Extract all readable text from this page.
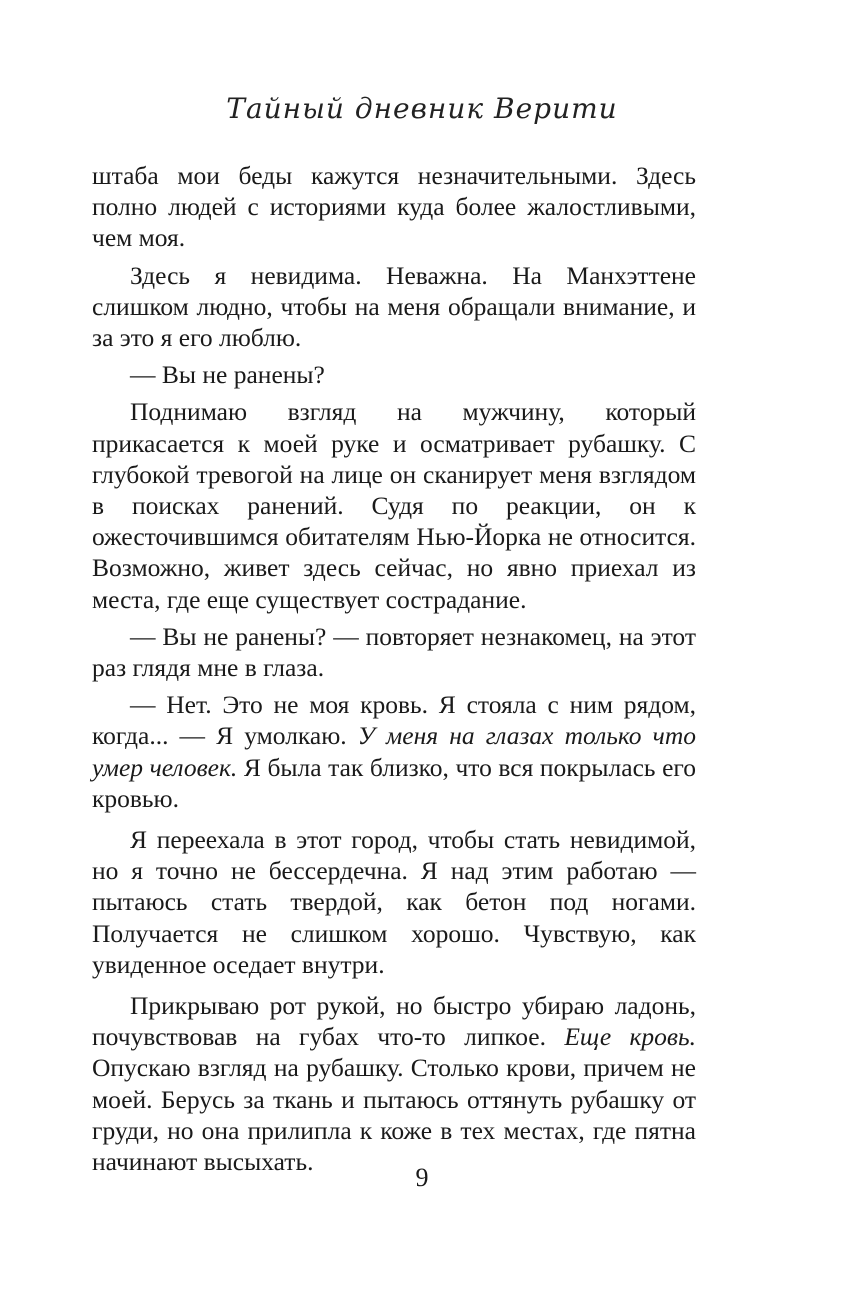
Тайный дневник Верити

штаба мои беды кажутся незначительными. Здесь полно людей с историями куда более жалостливыми, чем моя.

Здесь я невидима. Неважна. На Манхэттене слишком людно, чтобы на меня обращали внимание, и за это я его люблю.

— Вы не ранены?

Поднимаю взгляд на мужчину, который прикасается к моей руке и осматривает рубашку. С глубокой тревогой на лице он сканирует меня взглядом в поисках ранений. Судя по реакции, он к ожесточившимся обитателям Нью-Йорка не относится. Возможно, живет здесь сейчас, но явно приехал из места, где еще существует сострадание.

— Вы не ранены? — повторяет незнакомец, на этот раз глядя мне в глаза.

— Нет. Это не моя кровь. Я стояла с ним рядом, когда... — Я умолкаю. У меня на глазах только что умер человек. Я была так близко, что вся покрылась его кровью.

Я переехала в этот город, чтобы стать невидимой, но я точно не бессердечна. Я над этим работаю — пытаюсь стать твердой, как бетон под ногами. Получается не слишком хорошо. Чувствую, как увиденное оседает внутри.

Прикрываю рот рукой, но быстро убираю ладонь, почувствовав на губах что-то липкое. Еще кровь. Опускаю взгляд на рубашку. Столько крови, причем не моей. Берусь за ткань и пытаюсь оттянуть рубашку от груди, но она прилипла к коже в тех местах, где пятна начинают высыхать.

9
